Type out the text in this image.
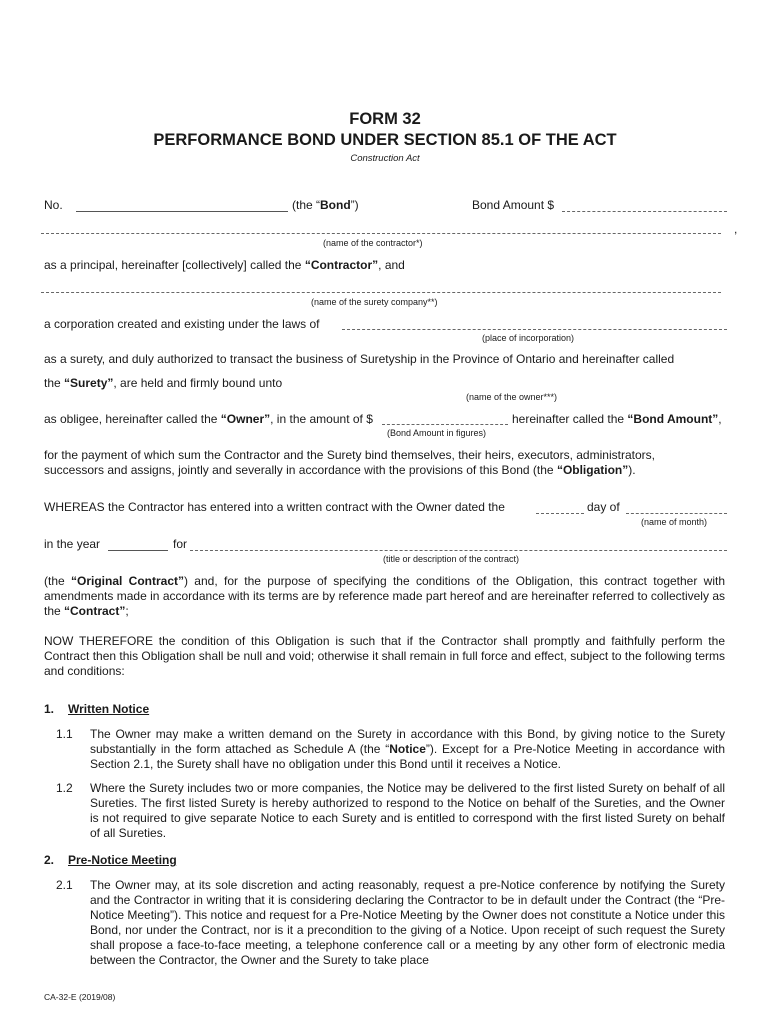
FORM 32
PERFORMANCE BOND UNDER SECTION 85.1 OF THE ACT
Construction Act
No.	(the “Bond”)	Bond Amount $
,
(name of the contractor*)
as a principal, hereinafter [collectively] called the “Contractor”, and
(name of the surety company**)
a corporation created and existing under the laws of
(place of incorporation)
as a surety, and duly authorized to transact the business of Suretyship in the Province of Ontario and hereinafter called
the “Surety”, are held and firmly bound unto
(name of the owner***)
as obligee, hereinafter called the “Owner”, in the amount of $	hereinafter called the “Bond Amount”,
(Bond Amount in figures)
for the payment of which sum the Contractor and the Surety bind themselves, their heirs, executors, administrators,
successors and assigns, jointly and severally in accordance with the provisions of this Bond (the “Obligation”).
WHEREAS the Contractor has entered into a written contract with the Owner dated the	day of
(name of month)
in the year	for
(title or description of the contract)
(the “Original Contract”) and, for the purpose of specifying the conditions of the Obligation, this contract together with amendments made in accordance with its terms are by reference made part hereof and are hereinafter referred to collectively as the “Contract”;
NOW THEREFORE the condition of this Obligation is such that if the Contractor shall promptly and faithfully perform the Contract then this Obligation shall be null and void; otherwise it shall remain in full force and effect, subject to the following terms and conditions:
1. Written Notice
1.1 The Owner may make a written demand on the Surety in accordance with this Bond, by giving notice to the Surety substantially in the form attached as Schedule A (the “Notice”). Except for a Pre-Notice Meeting in accordance with Section 2.1, the Surety shall have no obligation under this Bond until it receives a Notice.
1.2 Where the Surety includes two or more companies, the Notice may be delivered to the first listed Surety on behalf of all Sureties. The first listed Surety is hereby authorized to respond to the Notice on behalf of the Sureties, and the Owner is not required to give separate Notice to each Surety and is entitled to correspond with the first listed Surety on behalf of all Sureties.
2. Pre-Notice Meeting
2.1 The Owner may, at its sole discretion and acting reasonably, request a pre-Notice conference by notifying the Surety and the Contractor in writing that it is considering declaring the Contractor to be in default under the Contract (the “Pre-Notice Meeting”). This notice and request for a Pre-Notice Meeting by the Owner does not constitute a Notice under this Bond, nor under the Contract, nor is it a precondition to the giving of a Notice. Upon receipt of such request the Surety shall propose a face-to-face meeting, a telephone conference call or a meeting by any other form of electronic media between the Contractor, the Owner and the Surety to take place
CA-32-E (2019/08)
